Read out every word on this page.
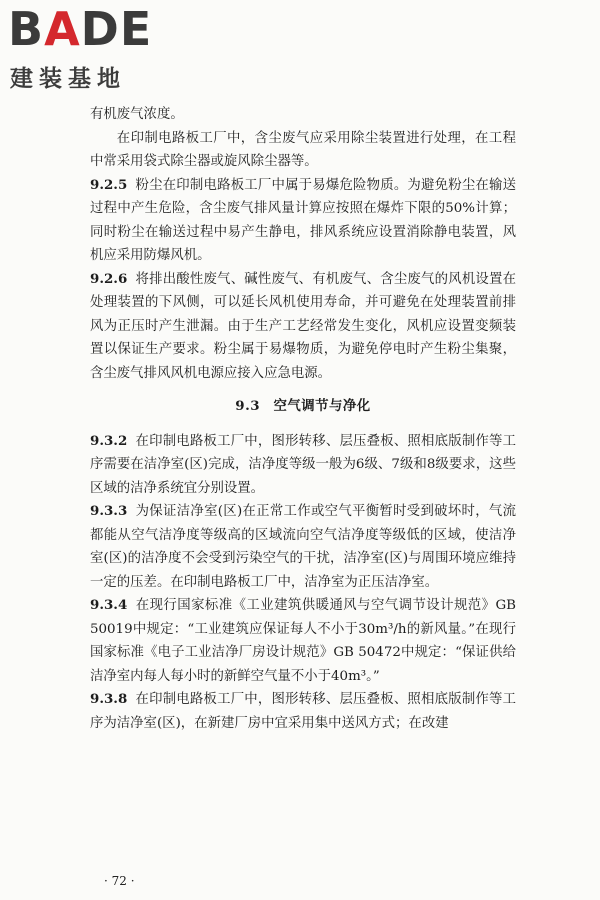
BADE
建装基地

有机废气浓度。

在印制电路板工厂中，含尘废气应采用除尘装置进行处理，在工程中常采用袋式除尘器或旋风除尘器等。

9.2.5 粉尘在印制电路板工厂中属于易爆危险物质。为避免粉尘在输送过程中产生危险，含尘废气排风量计算应按照在爆炸下限的50%计算；同时粉尘在输送过程中易产生静电，排风系统应设置消除静电装置，风机应采用防爆风机。

9.2.6 将排出酸性废气、碱性废气、有机废气、含尘废气的风机设置在处理装置的下风侧，可以延长风机使用寿命，并可避免在处理装置前排风为正压时产生泄漏。由于生产工艺经常发生变化，风机应设置变频装置以保证生产要求。粉尘属于易爆物质，为避免停电时产生粉尘集聚，含尘废气排风风机电源应接入应急电源。

9.3 空气调节与净化

9.3.2 在印制电路板工厂中，图形转移、层压叠板、照相底版制作等工序需要在洁净室(区)完成，洁净度等级一般为6级、7级和8级要求，这些区域的洁净系统宜分别设置。

9.3.3 为保证洁净室(区)在正常工作或空气平衡暂时受到破坏时，气流都能从空气洁净度等级高的区域流向空气洁净度等级低的区域，使洁净室(区)的洁净度不会受到污染空气的干扰，洁净室(区)与周围环境应维持一定的压差。在印制电路板工厂中，洁净室为正压洁净室。

9.3.4 在现行国家标准《工业建筑供暖通风与空气调节设计规范》GB 50019中规定：“工业建筑应保证每人不小于30m³/h的新风量。”在现行国家标准《电子工业洁净厂房设计规范》GB 50472中规定：“保证供给洁净室内每人每小时的新鲜空气量不小于40m³。”

9.3.8 在印制电路板工厂中，图形转移、层压叠板、照相底版制作等工序为洁净室(区)，在新建厂房中宜采用集中送风方式；在改建

· 72 ·
